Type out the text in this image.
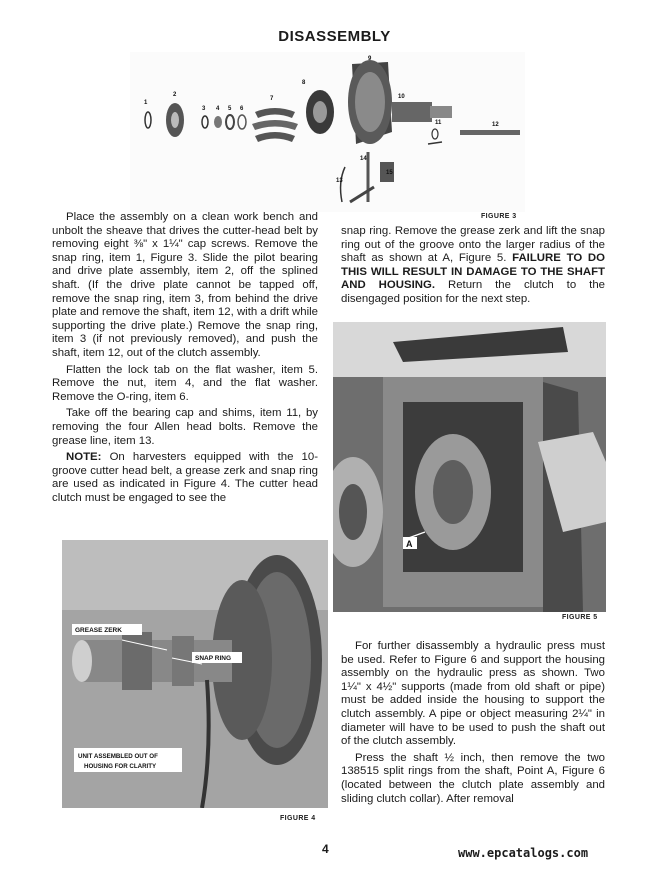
DISASSEMBLY
1
2
3 4 5 6
7
8
9
10
11	12
13
14
15
FIGURE 3

Place the assembly on a clean work bench and unbolt the sheave that drives the cutter-head belt by removing eight ⅜" x 1¼" cap screws. Remove the snap ring, item 1, Figure 3. Slide the pilot bearing and drive plate assembly, item 2, off the splined shaft. (If the drive plate cannot be tapped off, remove the snap ring, item 3, from behind the drive plate and remove the shaft, item 12, with a drift while supporting the drive plate.) Remove the snap ring, item 3 (if not previously removed), and push the shaft, item 12, out of the clutch assembly.

Flatten the lock tab on the flat washer, item 5. Remove the nut, item 4, and the flat washer. Remove the O-ring, item 6.

Take off the bearing cap and shims, item 11, by removing the four Allen head bolts. Remove the grease line, item 13.

NOTE: On harvesters equipped with the 10-groove cutter head belt, a grease zerk and snap ring are used as indicated in Figure 4. The cutter head clutch must be engaged to see the

snap ring. Remove the grease zerk and lift the snap ring out of the groove onto the larger radius of the shaft as shown at A, Figure 5. FAILURE TO DO THIS WILL RESULT IN DAMAGE TO THE SHAFT AND HOUSING. Return the clutch to the disengaged position for the next step.

A
FIGURE 5
GREASE ZERK
SNAP RING
UNIT ASSEMBLED OUT OF
HOUSING FOR CLARITY
FIGURE 4

For further disassembly a hydraulic press must be used. Refer to Figure 6 and support the housing assembly on the hydraulic press as shown. Two 1¼" x 4½" supports (made from old shaft or pipe) must be added inside the housing to support the clutch assembly. A pipe or object measuring 2¼" in diameter will have to be used to push the shaft out of the clutch assembly.

Press the shaft ½ inch, then remove the two 138515 split rings from the shaft, Point A, Figure 6 (located between the clutch plate assembly and sliding clutch collar). After removal

4	www.epcatalogs.com
